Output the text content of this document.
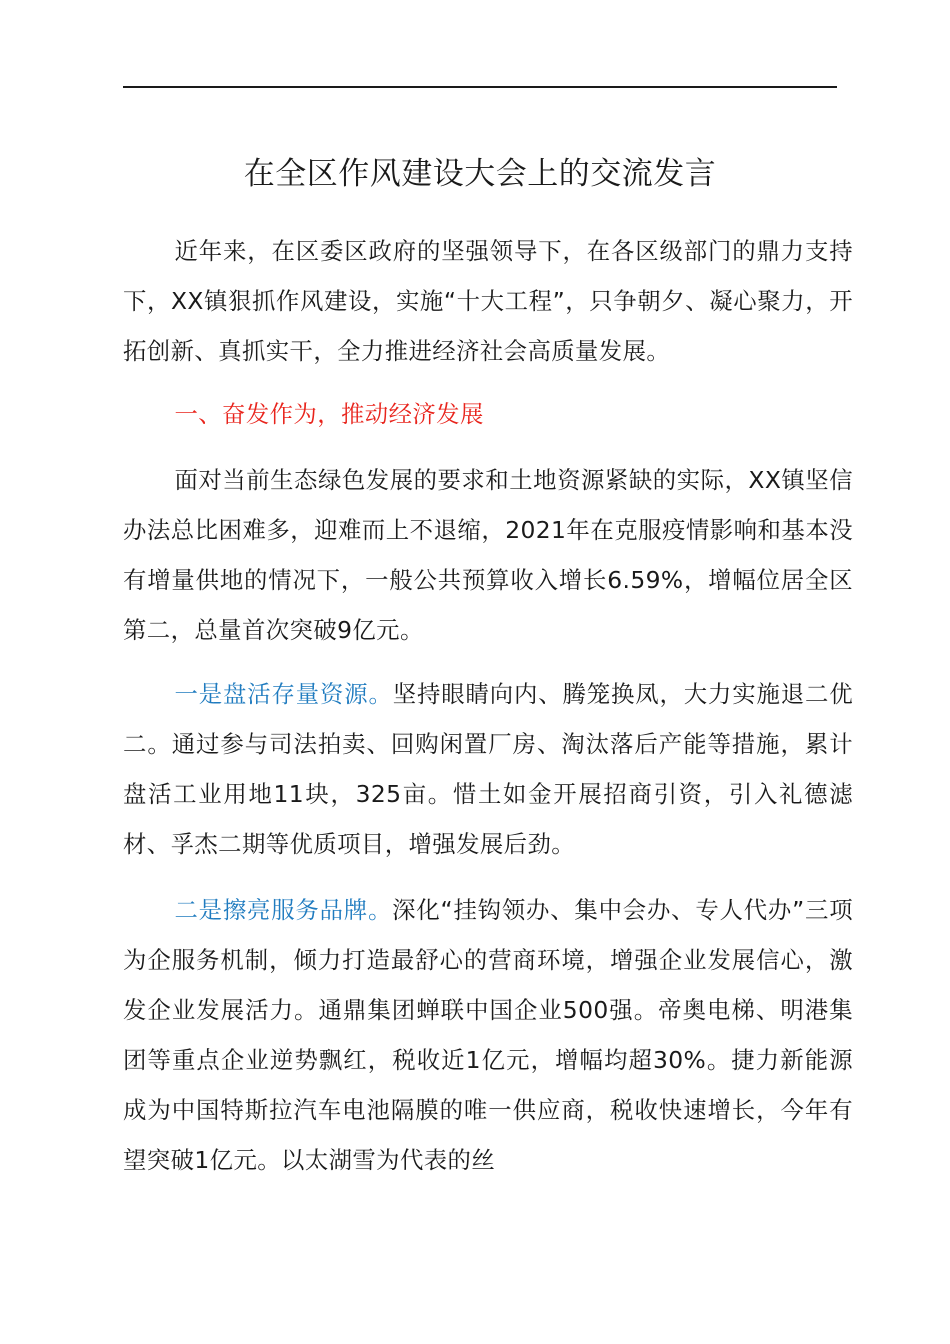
在全区作风建设大会上的交流发言

近年来，在区委区政府的坚强领导下，在各区级部门的鼎力支持下，XX镇狠抓作风建设，实施“十大工程”，只争朝夕、凝心聚力，开拓创新、真抓实干，全力推进经济社会高质量发展。

一、奋发作为，推动经济发展

面对当前生态绿色发展的要求和土地资源紧缺的实际，XX镇坚信办法总比困难多，迎难而上不退缩，2021年在克服疫情影响和基本没有增量供地的情况下，一般公共预算收入增长6.59%，增幅位居全区第二，总量首次突破9亿元。

一是盘活存量资源。坚持眼睛向内、腾笼换凤，大力实施退二优二。通过参与司法拍卖、回购闲置厂房、淘汰落后产能等措施，累计盘活工业用地11块，325亩。惜土如金开展招商引资，引入礼德滤材、孚杰二期等优质项目，增强发展后劲。

二是擦亮服务品牌。深化“挂钩领办、集中会办、专人代办”三项为企服务机制，倾力打造最舒心的营商环境，增强企业发展信心，激发企业发展活力。通鼎集团蝉联中国企业500强。帝奥电梯、明港集团等重点企业逆势飘红，税收近1亿元，增幅均超30%。捷力新能源成为中国特斯拉汽车电池隔膜的唯一供应商，税收快速增长，今年有望突破1亿元。以太湖雪为代表的丝
